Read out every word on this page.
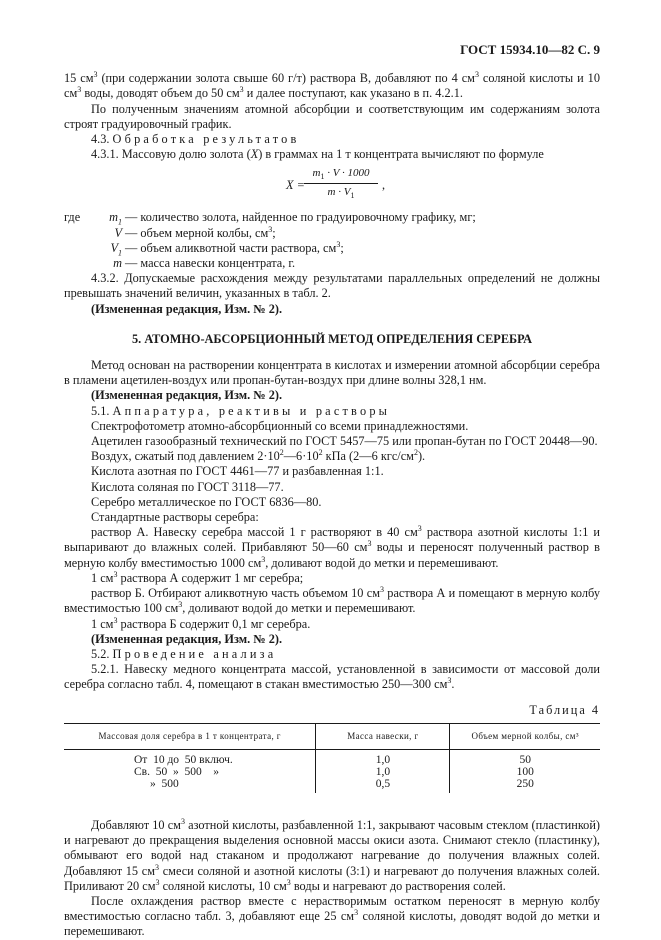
ГОСТ 15934.10—82 С. 9

15 $см^3$ (при содержании золота свыше 60 г/т) раствора В, добавляют по 4 $см^3$ соляной кислоты и 10 $см^3$ воды, доводят объем до 50 $см^3$ и далее поступают, как указано в п. 4.2.1.

По полученным значениям атомной абсорбции и соответствующим им содержаниям золота строят градуировочный график.

4.3. Обработка результатов

4.3.1. Массовую долю золота (X) в граммах на 1 т концентрата вычисляют по формуле

$X = \frac{m_1 \cdot V \cdot 1000}{m \cdot V_1}$ ,
где	$m_1$ — количество золота, найденное по градуировочному графику, мг;
V — объем мерной колбы, $см^3$;
$V_1$ — объем аликвотной части раствора, $см^3$;
m — масса навески концентрата, г.

4.3.2. Допускаемые расхождения между результатами параллельных определений не должны превышать значений величин, указанных в табл. 2.

(Измененная редакция, Изм. № 2).

5. АТОМНО-АБСОРБЦИОННЫЙ МЕТОД ОПРЕДЕЛЕНИЯ СЕРЕБРА

Метод основан на растворении концентрата в кислотах и измерении атомной абсорбции серебра в пламени ацетилен-воздух или пропан-бутан-воздух при длине волны 328,1 нм.

(Измененная редакция, Изм. № 2).

5.1. Аппаратура, реактивы и растворы

Спектрофотометр атомно-абсорбционный со всеми принадлежностями.

Ацетилен газообразный технический по ГОСТ 5457—75 или пропан-бутан по ГОСТ 20448—90.

Воздух, сжатый под давлением $2\cdot 10^2—6\cdot 10^2$ кПа (2—6 кгс/$см^2$).

Кислота азотная по ГОСТ 4461—77 и разбавленная 1:1.

Кислота соляная по ГОСТ 3118—77.

Серебро металлическое по ГОСТ 6836—80.

Стандартные растворы серебра:

раствор А. Навеску серебра массой 1 г растворяют в 40 $см^3$ раствора азотной кислоты 1:1 и выпаривают до влажных солей. Прибавляют 50—60 $см^3$ воды и переносят полученный раствор в мерную колбу вместимостью 1000 $см^3$, доливают водой до метки и перемешивают.

1 $см^3$ раствора А содержит 1 мг серебра;

раствор Б. Отбирают аликвотную часть объемом 10 $см^3$ раствора А и помещают в мерную колбу вместимостью 100 $см^3$, доливают водой до метки и перемешивают.

1 $см^3$ раствора Б содержит 0,1 мг серебра.

(Измененная редакция, Изм. № 2).

5.2. Проведение анализа

5.2.1. Навеску медного концентрата массой, установленной в зависимости от массовой доли серебра согласно табл. 4, помещают в стакан вместимостью 250—300 $см^3$.

Таблица 4
Массовая доля серебра в 1 т концентрата, г	Масса навески, г	Объем мерной колбы, см³
От  10 до  50 включ.	1,0	50
Св.  50  »  500    »	1,0	100
»  500	0,5	250

Добавляют 10 $см^3$ азотной кислоты, разбавленной 1:1, закрывают часовым стеклом (пластинкой) и нагревают до прекращения выделения основной массы окиси азота. Снимают стекло (пластинку), обмывают его водой над стаканом и продолжают нагревание до получения влажных солей. Добавляют 15 $см^3$ смеси соляной и азотной кислоты (3:1) и нагревают до получения влажных солей. Приливают 20 $см^3$ соляной кислоты, 10 $см^3$ воды и нагревают до растворения солей.

После охлаждения раствор вместе с нерастворимым остатком переносят в мерную колбу вместимостью согласно табл. 3, добавляют еще 25 $см^3$ соляной кислоты, доводят водой до метки и перемешивают.
